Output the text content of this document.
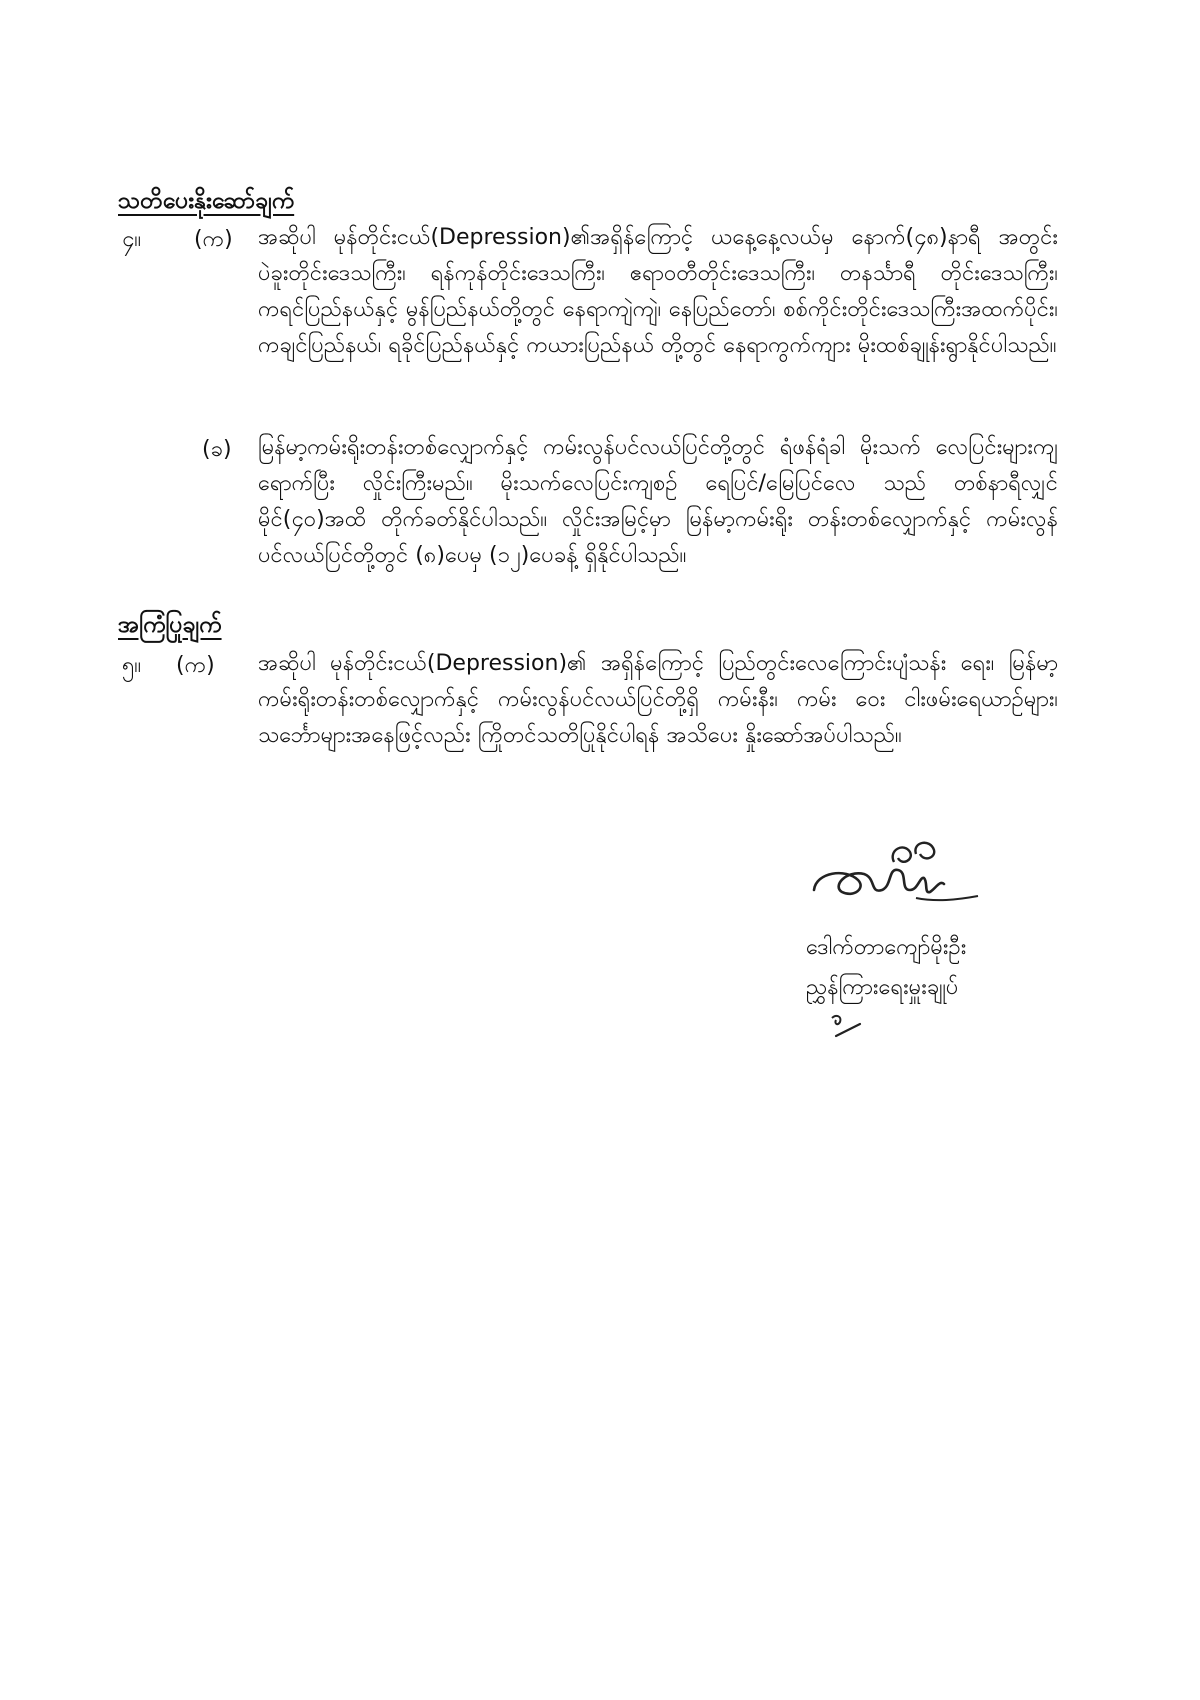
သတိပေးနိုးဆော်ချက်
၄။ (က) အဆိုပါ မုန်တိုင်းငယ်(Depression)၏အရှိန်ကြောင့် ယနေ့နေ့လယ်မှ နောက်(၄၈)နာရီ အတွင်း ပဲခူးတိုင်းဒေသကြီး၊ ရန်ကုန်တိုင်းဒေသကြီး၊ ဧရာဝတီတိုင်းဒေသကြီး၊ တနင်္သာရီ တိုင်းဒေသကြီး၊ ကရင်ပြည်နယ်နှင့် မွန်ပြည်နယ်တို့တွင် နေရာကျဲကျဲ၊ နေပြည်တော်၊ စစ်ကိုင်းတိုင်းဒေသကြီးအထက်ပိုင်း၊ ကချင်ပြည်နယ်၊ ရခိုင်ပြည်နယ်နှင့် ကယားပြည်နယ် တို့တွင် နေရာကွက်ကျား မိုးထစ်ချုန်းရွာနိုင်ပါသည်။
(ခ) မြန်မာ့ကမ်းရိုးတန်းတစ်လျှောက်နှင့် ကမ်းလွန်ပင်လယ်ပြင်တို့တွင် ရံဖန်ရံခါ မိုးသက် လေပြင်းများကျရောက်ပြီး လှိုင်းကြီးမည်။ မိုးသက်လေပြင်းကျစဉ် ရေပြင်/မြေပြင်လေ သည် တစ်နာရီလျှင် မိုင်(၄၀)အထိ တိုက်ခတ်နိုင်ပါသည်။ လှိုင်းအမြင့်မှာ မြန်မာ့ကမ်းရိုး တန်းတစ်လျှောက်နှင့် ကမ်းလွန်ပင်လယ်ပြင်တို့တွင် (၈)ပေမှ (၁၂)ပေခန့် ရှိနိုင်ပါသည်။
အကြံပြုချက်
၅။ (က) အဆိုပါ မုန်တိုင်းငယ်(Depression)၏ အရှိန်ကြောင့် ပြည်တွင်းလေကြောင်းပျံသန်း ရေး၊ မြန်မာ့ကမ်းရိုးတန်းတစ်လျှောက်နှင့် ကမ်းလွန်ပင်လယ်ပြင်တို့ရှိ ကမ်းနီး၊ ကမ်း ဝေး ငါးဖမ်းရေယာဉ်များ၊ သင်္ဘောများအနေဖြင့်လည်း ကြိုတင်သတိပြုနိုင်ပါရန် အသိပေး နှိုးဆော်အပ်ပါသည်။
ဒေါက်တာကျော်မိုးဦး
ညွှန်ကြားရေးမှူးချုပ်
